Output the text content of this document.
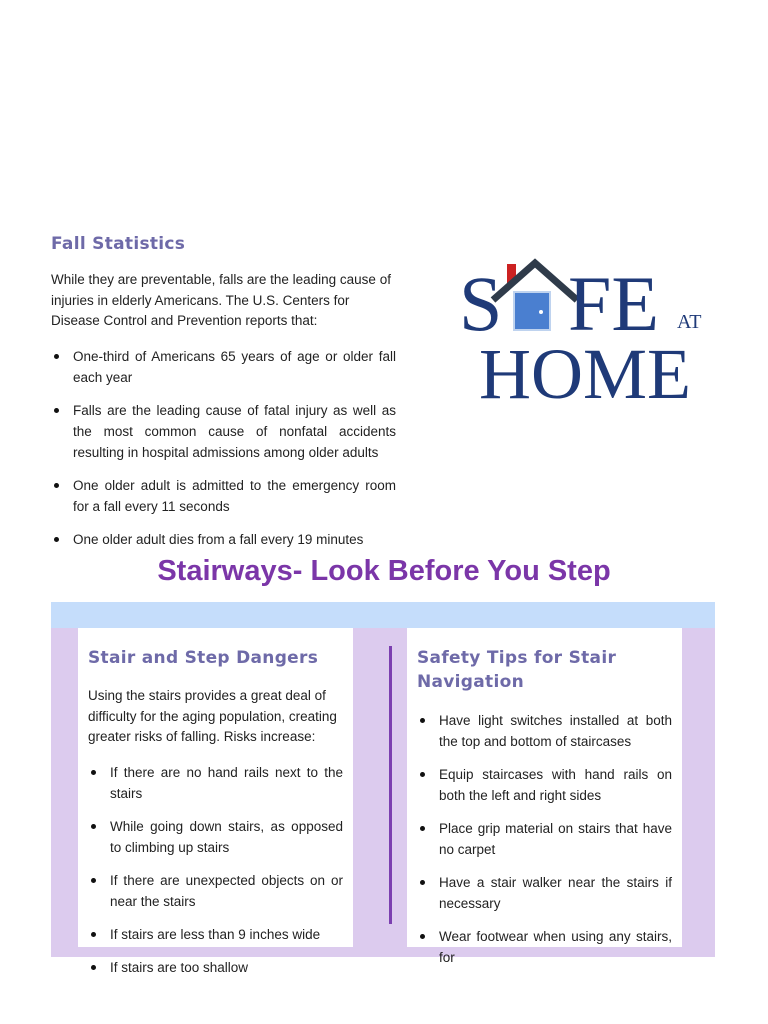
Fall Statistics

While they are preventable, falls are the leading cause of injuries in elderly Americans. The U.S. Centers for Disease Control and Prevention reports that:

One-third of Americans 65 years of age or older fall each year
Falls are the leading cause of fatal injury as well as the most common cause of nonfatal accidents resulting in hospital admissions among older adults
One older adult is admitted to the emergency room for a fall every 11 seconds
One older adult dies from a fall every 19 minutes
S FE AT
HOME
Stairways- Look Before You Step
Stair and Step Dangers

Using the stairs provides a great deal of difficulty for the aging population, creating greater risks of falling. Risks increase:

If there are no hand rails next to the stairs
While going down stairs, as opposed to climbing up stairs
If there are unexpected objects on or near the stairs
If stairs are less than 9 inches wide
If stairs are too shallow
Safety Tips for Stair Navigation
Have light switches installed at both the top and bottom of staircases
Equip staircases with hand rails on both the left and right sides
Place grip material on stairs that have no carpet
Have a stair walker near the stairs if necessary
Wear footwear when using any stairs, for
